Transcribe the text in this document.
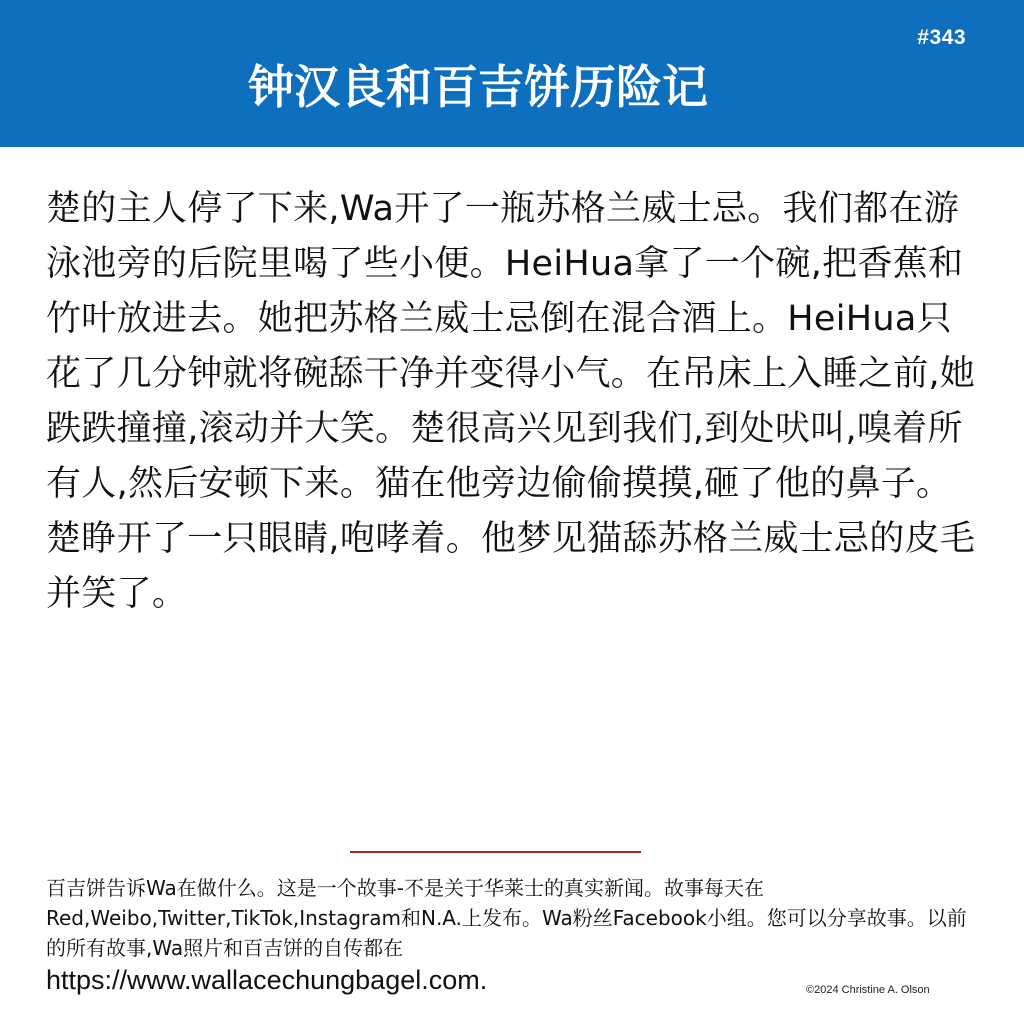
#343
钟汉良和百吉饼历险记

楚的主人停了下来,Wa开了一瓶苏格兰威士忌。我们都在游泳池旁的后院里喝了些小便。HeiHua拿了一个碗,把香蕉和竹叶放进去。她把苏格兰威士忌倒在混合酒上。HeiHua只花了几分钟就将碗舔干净并变得小气。在吊床上入睡之前,她跌跌撞撞,滚动并大笑。楚很高兴见到我们,到处吠叫,嗅着所有人,然后安顿下来。猫在他旁边偷偷摸摸,砸了他的鼻子。楚睁开了一只眼睛,咆哮着。他梦见猫舔苏格兰威士忌的皮毛并笑了。

百吉饼告诉Wa在做什么。这是一个故事-不是关于华莱士的真实新闻。故事每天在Red,Weibo,Twitter,TikTok,Instagram和N.A.上发布。Wa粉丝Facebook小组。您可以分享故事。以前的所有故事,Wa照片和百吉饼的自传都在

https://www.wallacechungbagel.com.	©2024 Christine A. Olson
